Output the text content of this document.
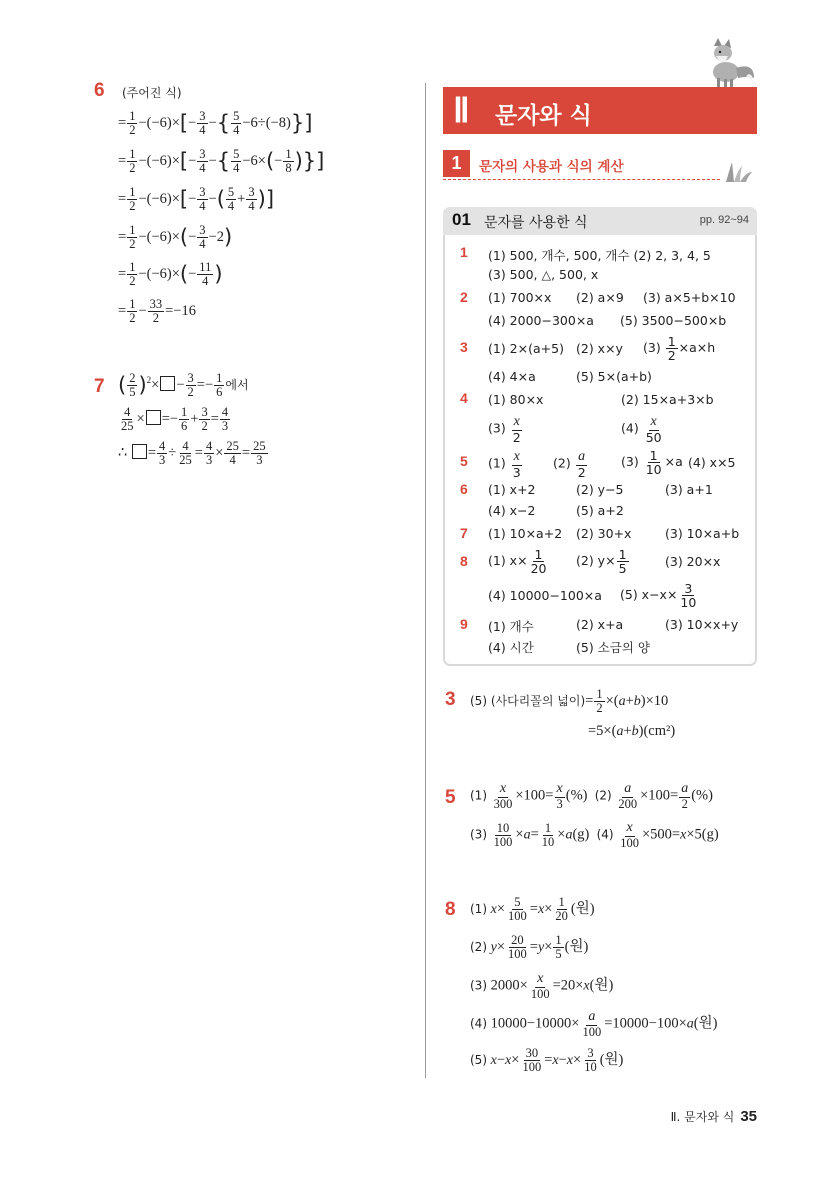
6 (주어진 식)
= $\frac{1}{2} -(-6)\times[- \frac{3}{4}$ −{ $\frac{5}{4} -6\div(-8)$}]
= $\frac{1}{2} -(-6)\times[- \frac{3}{4}$ −{ $\frac{5}{4} -6\times(- \frac{1}{8}$ )}]
= $\frac{1}{2} -(-6)\times[- \frac{3}{4}$ −( $\frac{5}{4} + \frac{3}{4}$ )]
= $\frac{1}{2} -(-6)\times(- \frac{3}{4} -2)$
= $\frac{1}{2} -(-6)\times(- \frac{11}{4}$ )
= $\frac{1}{2} - \frac{33}{2} =-16$
7 ( $\frac{2}{5} )^2\times - \frac{3}{2} =- \frac{1}{6}$ 에서
$\frac{4}{25}$ × =− $\frac{1}{6} + \frac{3}{2} = \frac{4}{3}$
∴ = $\frac{4}{3} \div \frac{4}{25} = \frac{4}{3} \times \frac{25}{4} = \frac{25}{3}$
Ⅱ 문자와 식
1	문자의 사용과 식의 계산
01 문자를 사용한 식	pp. 92~94
1 (1) 500, 개수, 500, 개수 (2) 2, 3, 4, 5
(3) 500, △, 500, x
2 (1) 700×x (2) a×9 (3) a×5+b×10
(4) 2000−300×a (5) 3500−500×b
3 (1) 2×(a+5) (2) x×y $(3) \frac{1}{2} \times a\times h$
(4) 4×a	(5) 5×(a+b)
4 (1) 80×x	(2) 15×a+3×b
$(3) \frac{x}{2}$	$(4) \frac{x}{50}$
5 $(1) \frac{x}{3} (2) \frac{a}{2}$	$(3) \frac{1}{10} \times a$ (4) x×5
6 (1) x+2	(2) y−5	(3) a+1
(4) x−2	(5) a+2
7 (1) 10×a+2 (2) 30+x	(3) 10×a+b
8 (1) $x\times \frac{1}{20} (2)$ $y\times \frac{1}{5}$	(3) 20×x
(4) 10000−100×a (5) $x-x\times \frac{3}{10}$
9 (1) 개수	(2) x+a	(3) 10×x+y
(4) 시간	(5) 소금의 양
3 (5) (사다리꼴의 넓이)= $\frac{1}{2} \times(a+b)\times 10$
=5×(a+b)(cm²)
5 $(1) \frac{x}{300} \times 100= \frac{x}{3}$ (%)  $(2) \frac{a}{200} \times 100= \frac{a}{2}$ (%)
$(3) \frac{10}{100} \times a= \frac{1}{10} \times a(g)$  $(4) \frac{x}{100} \times 500=x\times 5(g)$
8 (1) $x\times \frac{5}{100} =x\times \frac{1}{20}$ (원)
(2) $y\times \frac{20}{100} =y\times \frac{1}{5}$ (원)
(3) $2000\times \frac{x}{100} =20\times x$(원)
(4) $10000-10000\times \frac{a}{100} =10000-100\times a$(원)
(5) $x-x\times \frac{30}{100} =x-x\times \frac{3}{10}$ (원)
Ⅱ. 문자와 식 35
